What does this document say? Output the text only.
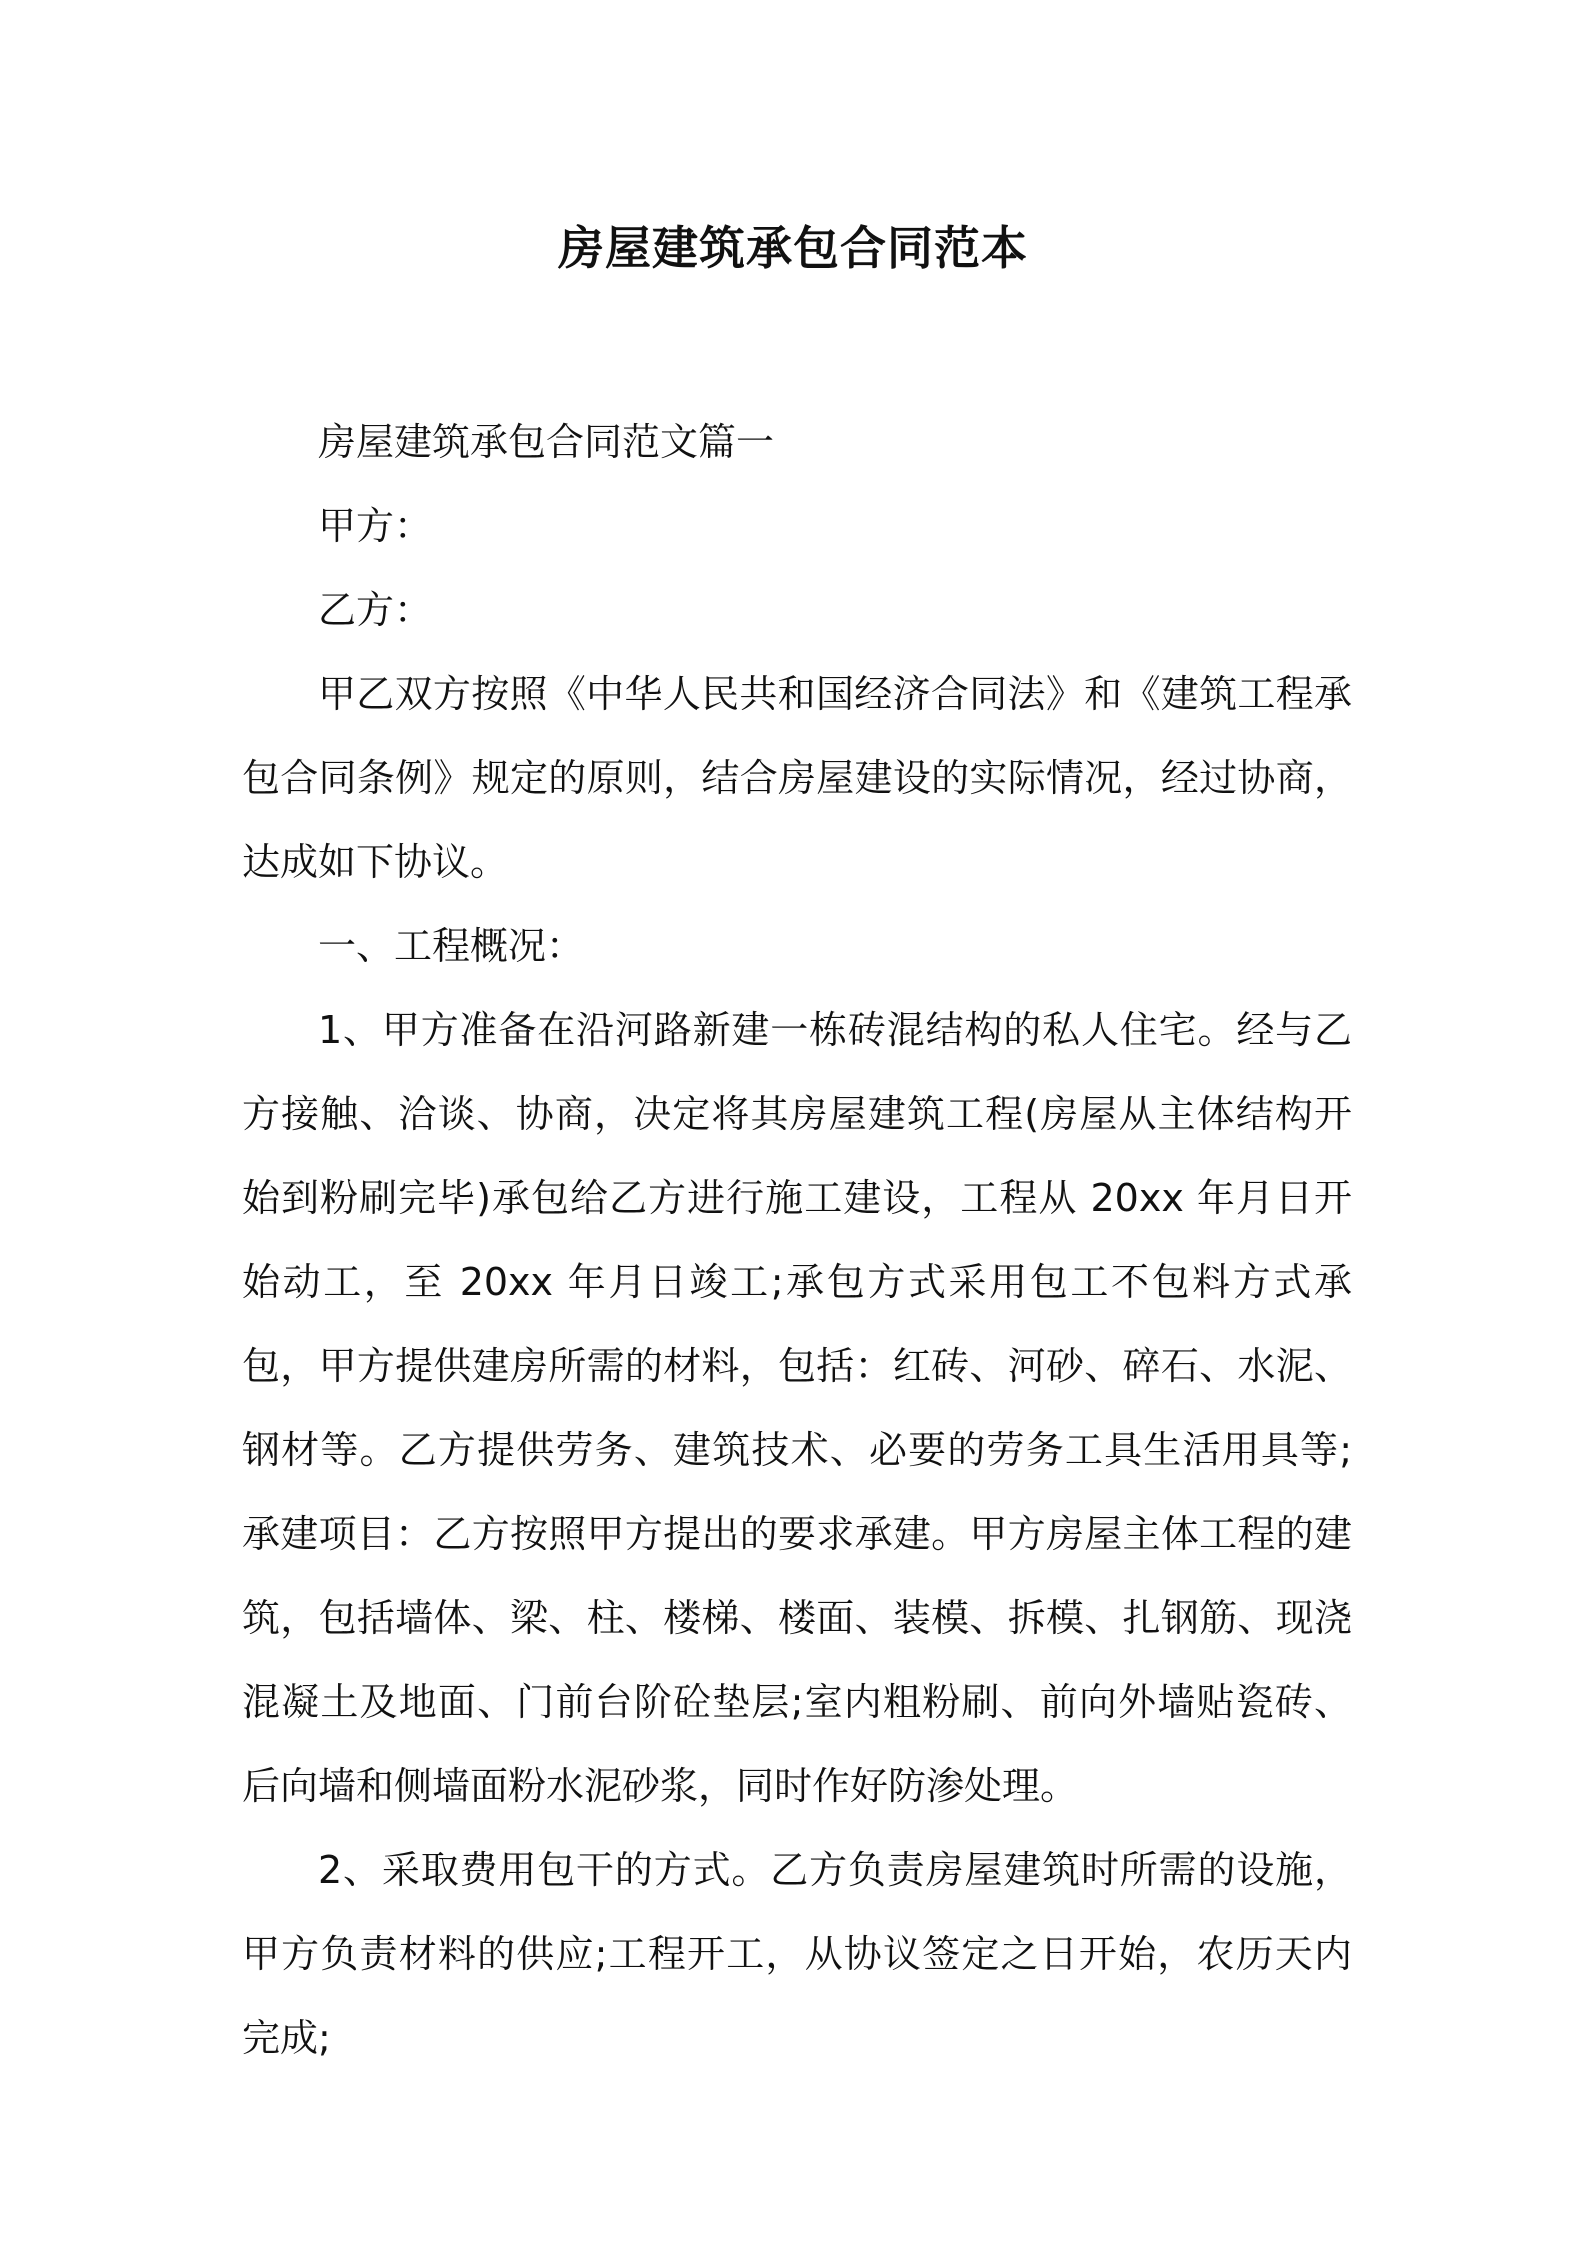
房屋建筑承包合同范本

房屋建筑承包合同范文篇一

甲方：

乙方：

甲乙双方按照《中华人民共和国经济合同法》和《建筑工程承包合同条例》规定的原则，结合房屋建设的实际情况，经过协商，达成如下协议。

一、工程概况：

1、甲方准备在沿河路新建一栋砖混结构的私人住宅。经与乙方接触、洽谈、协商，决定将其房屋建筑工程(房屋从主体结构开始到粉刷完毕)承包给乙方进行施工建设，工程从 20xx 年月日开始动工，至 20xx 年月日竣工;承包方式采用包工不包料方式承包，甲方提供建房所需的材料，包括：红砖、河砂、碎石、水泥、钢材等。乙方提供劳务、建筑技术、必要的劳务工具生活用具等;承建项目：乙方按照甲方提出的要求承建。甲方房屋主体工程的建筑，包括墙体、梁、柱、楼梯、楼面、装模、拆模、扎钢筋、现浇混凝土及地面、门前台阶砼垫层;室内粗粉刷、前向外墙贴瓷砖、后向墙和侧墙面粉水泥砂浆，同时作好防渗处理。

2、采取费用包干的方式。乙方负责房屋建筑时所需的设施，甲方负责材料的供应;工程开工，从协议签定之日开始，农历天内完成;
